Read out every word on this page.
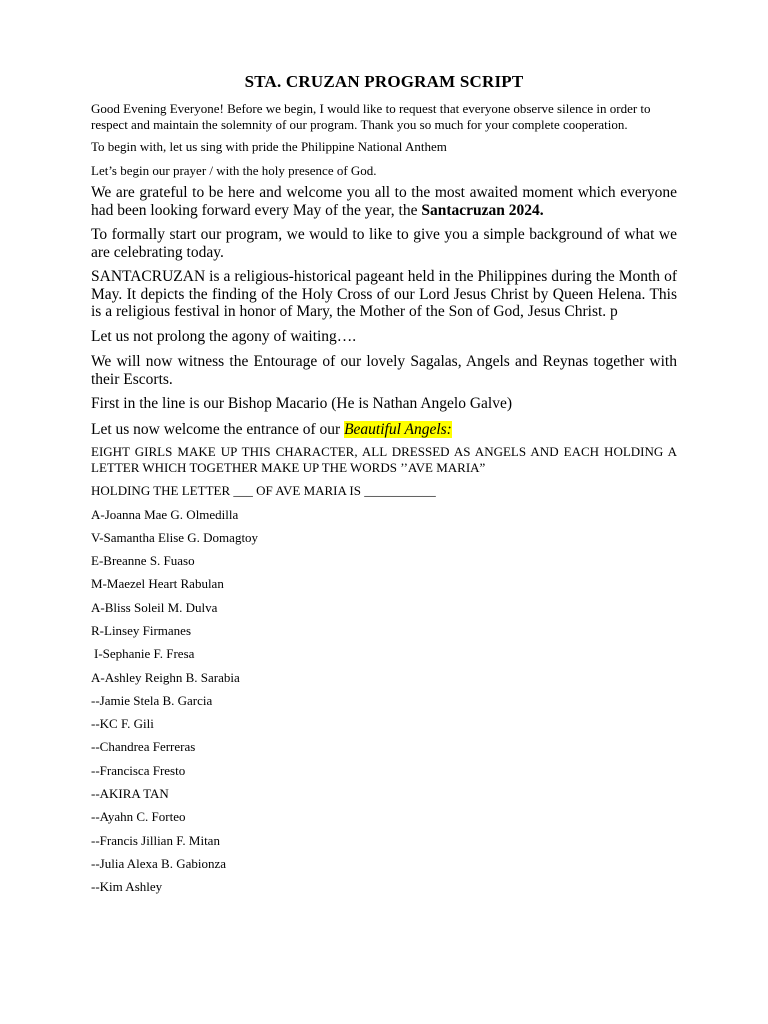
STA. CRUZAN PROGRAM SCRIPT

Good Evening Everyone! Before we begin, I would like to request that everyone observe silence in order to respect and maintain the solemnity of our program. Thank you so much for your complete cooperation.

To begin with, let us sing with pride the Philippine National Anthem

Let’s begin our prayer / with the holy presence of God.

We are grateful to be here and welcome you all to the most awaited moment which everyone had been looking forward every May of the year, the Santacruzan 2024.

To formally start our program, we would to like to give you a simple background of what we are celebrating today.

SANTACRUZAN is a religious-historical pageant held in the Philippines during the Month of May. It depicts the finding of the Holy Cross of our Lord Jesus Christ by Queen Helena. This is a religious festival in honor of Mary, the Mother of the Son of God, Jesus Christ. p

Let us not prolong the agony of waiting….

We will now witness the Entourage of our lovely Sagalas, Angels and Reynas together with their Escorts.

First in the line is our Bishop Macario (He is Nathan Angelo Galve)

Let us now welcome the entrance of our Beautiful Angels:

EIGHT GIRLS MAKE UP THIS CHARACTER, ALL DRESSED AS ANGELS AND EACH HOLDING A LETTER WHICH TOGETHER MAKE UP THE WORDS ’’AVE MARIA”

HOLDING THE LETTER ___ OF AVE MARIA IS ___________

A-Joanna Mae G. Olmedilla

V-Samantha Elise G. Domagtoy

E-Breanne S. Fuaso

M-Maezel Heart Rabulan

A-Bliss Soleil M. Dulva

R-Linsey Firmanes

I-Sephanie F. Fresa

A-Ashley Reighn B. Sarabia

--Jamie Stela B. Garcia

--KC F. Gili

--Chandrea Ferreras

--Francisca Fresto

--AKIRA TAN

--Ayahn C. Forteo

--Francis Jillian F. Mitan

--Julia Alexa B. Gabionza

--Kim Ashley
